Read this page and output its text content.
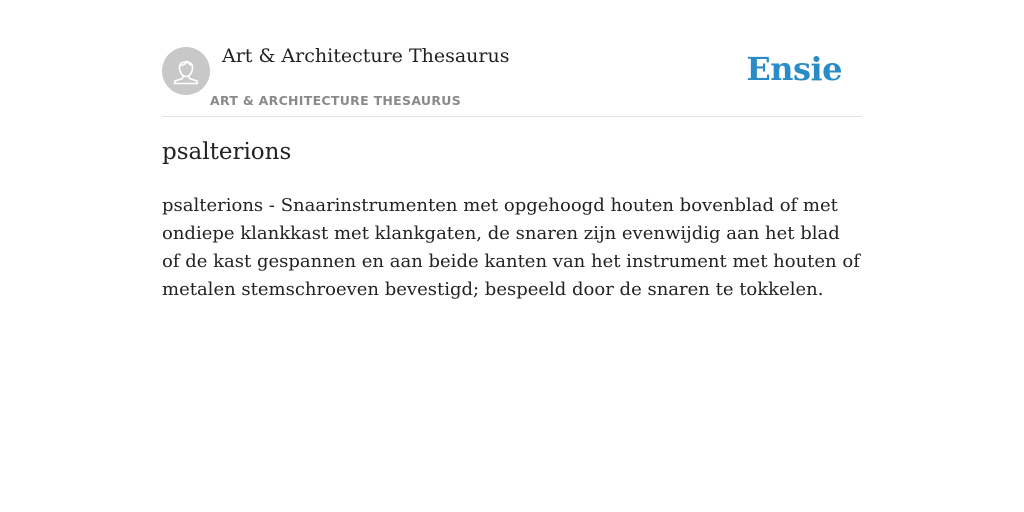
Art & Architecture Thesaurus
ART & ARCHITECTURE THESAURUS
Ensie
psalterions

psalterions - Snaarinstrumenten met opgehoogd houten bovenblad of met ondiepe klankkast met klankgaten, de snaren zijn evenwijdig aan het blad of de kast gespannen en aan beide kanten van het instrument met houten of metalen stemschroeven bevestigd; bespeeld door de snaren te tokkelen.
